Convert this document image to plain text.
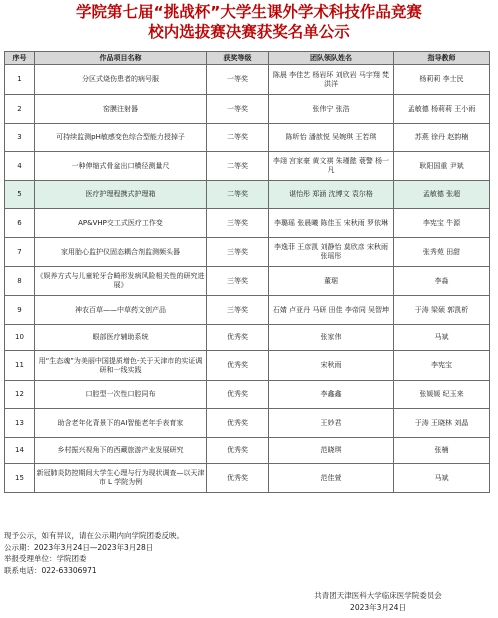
学院第七届“挑战杯”大学生课外学术科技作品竞赛
校内选拔赛决赛获奖名单公示
序号	作品项目名称	获奖等级	团队领队姓名	指导教师
1	分区式烧伤患者的病号服	一等奖	陈晨 李佳艺 杨岩环 刘欣岩 马宇翔 梵洪洋	杨莉莉 李士民
2	窑膜注射器	一等奖	张伟宁 张浩	孟敏德 杨莉莉 王小雨
3	可持续监测pH敏感变色综合型能力授掉子	二等奖	陈昕怡 潘歆悦 吴婉琪 王若琪	苏燕 徐丹 赵韵楠
4	一种伸缩式骨盆出口横径测量尺	二等奖	李翊 宫家豪 黄文祺 朱瑾懿 蓑警 杨一凡	耿阳国重 尹斌
5	医疗护理程携式护理箱	二等奖	谌怡彤 郑涵 沈博文 袁尔格	孟敏德 张超
6	AP&VHP交工式医疗工作变	三等奖	李璐瑶 张晨曦 陈佳玉 宋秋雨 罗依琳	李宪宝 牛源
7	家用胎心监护仪固态耦合剂监测频头器	三等奖	李逸菲 王彦凯 刘静怡 莫欣彦 宋秋雨 张瑶彤	张秀苑 田甜
8	《娱养方式与儿童轮牙合畸形发病风险相关性的研究进展》	三等奖	董琚	李淼
9	神农百草——中草药文创产品	三等奖	石婧 卢亚丹 马研 田佳 李帝同 吴智坤	于涛 梁硕 郭凯析
10	眼部医疗辅助系统	优秀奖	张家伟	马斌
11	用“生态魂”为美丽中国提质增色-关于天津市的实证调研和一线实践	优秀奖	宋秋雨	李宪宝
12	口腔型一次性口腔同布	优秀奖	李鑫鑫	张媛媛 纪玉来
13	助含老年化背景下的AI智能老年手表育家	优秀奖	王妙君	于涛 王晓林 刘晶
14	乡村振兴视角下的西藏旅游产业发展研究	优秀奖	范晓琪	张楠
15	新冠肺炎防控期间大学生心理与行为现状调查—以天津市 L 学院为例	优秀奖	范佳萱	马斌
现予公示，如有异议，请在公示期内向学院团委反映。
公示期：2023年3月24日—2023年3月28日
举报受理单位：学院团委
联系电话：022-63306971
共青团天津医科大学临床医学院委员会
2023年3月24日
